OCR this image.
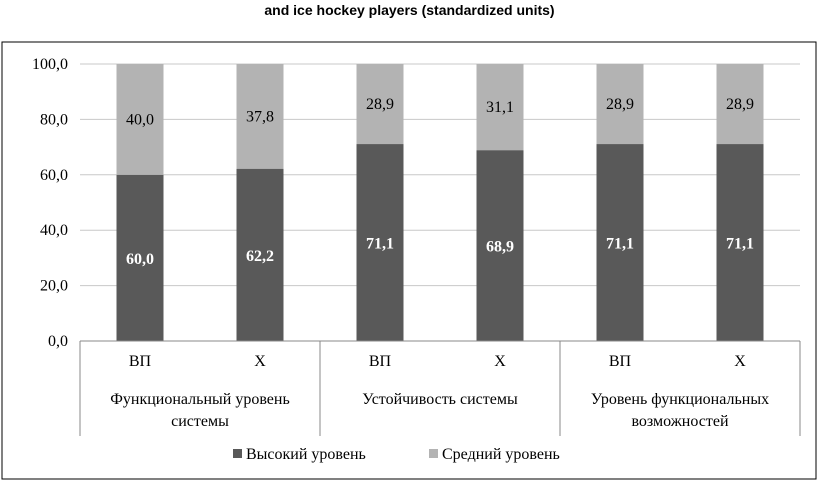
and ice hockey players (standardized units)
0,0
20,0
40,0
60,0
80,0
100,0
60,0
40,0
62,2
37,8
71,1
28,9
68,9
31,1
71,1
28,9
71,1
28,9
ВП	Х	ВП	Х	ВП	Х
Функциональный уровень
системы
Устойчивость системы	Уровень функциональных
возможностей
Высокий уровень	Средний уровень
